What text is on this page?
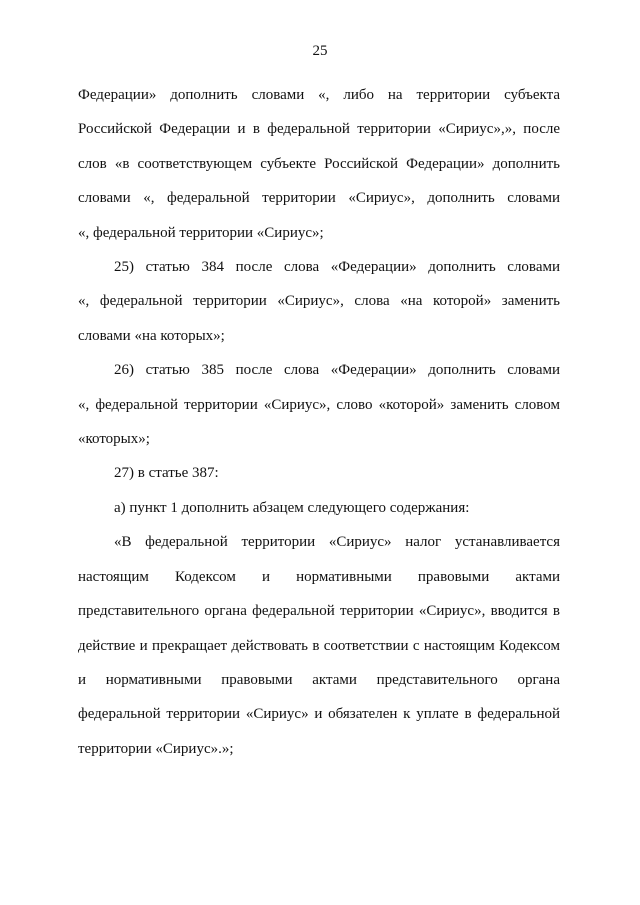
25
Федерации» дополнить словами «, либо на территории субъекта
Российской Федерации и в федеральной территории «Сириус»,», после
слов «в соответствующем субъекте Российской Федерации» дополнить
словами «, федеральной территории «Сириус», дополнить словами
«, федеральной территории «Сириус»;
25) статью 384 после слова «Федерации» дополнить словами
«, федеральной территории «Сириус», слова «на которой» заменить
словами «на которых»;
26) статью 385 после слова «Федерации» дополнить словами
«, федеральной территории «Сириус», слово «которой» заменить словом
«которых»;
27) в статье 387:
а) пункт 1 дополнить абзацем следующего содержания:
«В федеральной территории «Сириус» налог устанавливается
настоящим Кодексом и нормативными правовыми актами
представительного органа федеральной территории «Сириус», вводится в
действие и прекращает действовать в соответствии с настоящим Кодексом
и нормативными правовыми актами представительного органа
федеральной территории «Сириус» и обязателен к уплате в федеральной
территории «Сириус».»;
